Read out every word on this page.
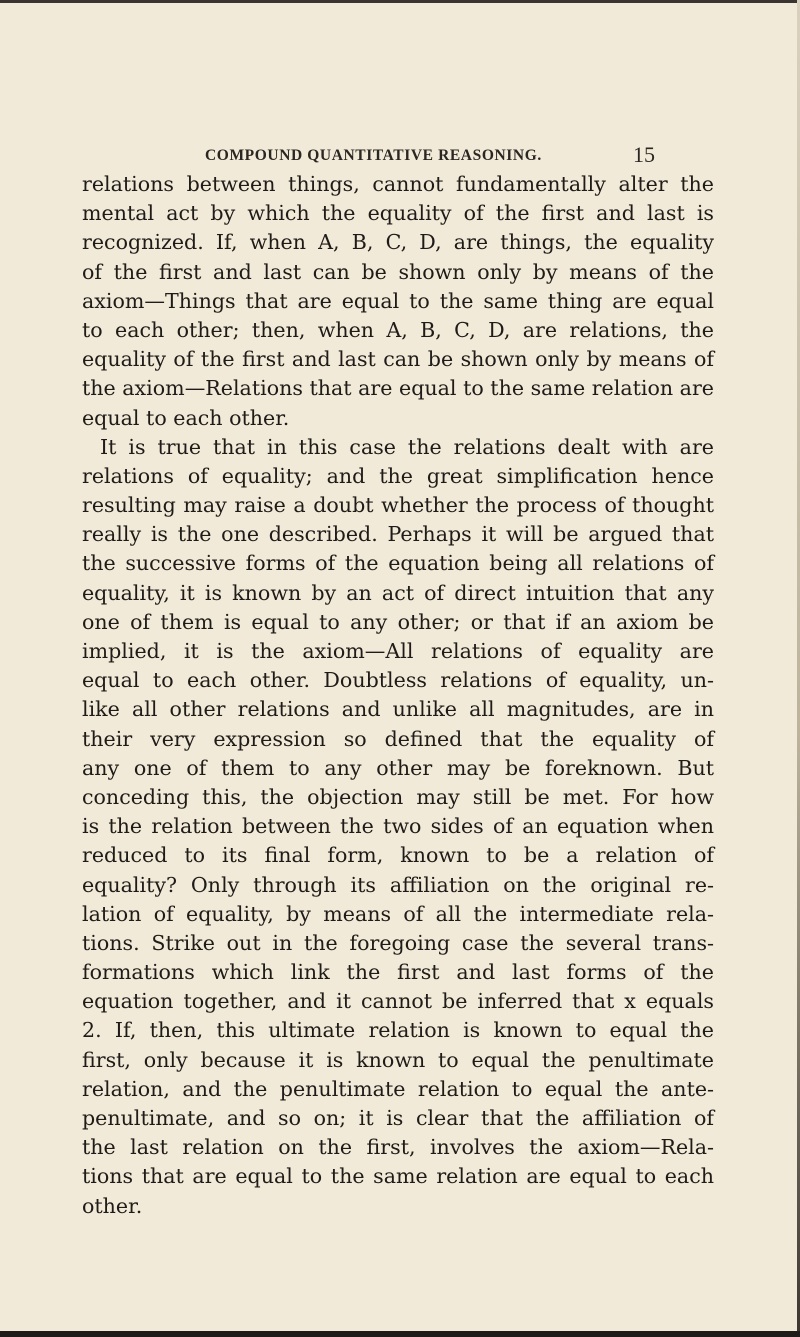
COMPOUND QUANTITATIVE REASONING.	15
relations between things, cannot fundamentally alter the
mental act by which the equality of the first and last is
recognized. If, when A, B, C, D, are things, the equality
of the first and last can be shown only by means of the
axiom—Things that are equal to the same thing are equal
to each other; then, when A, B, C, D, are relations, the
equality of the first and last can be shown only by means of
the axiom—Relations that are equal to the same relation are
equal to each other.
It is true that in this case the relations dealt with are
relations of equality; and the great simplification hence
resulting may raise a doubt whether the process of thought
really is the one described. Perhaps it will be argued that
the successive forms of the equation being all relations of
equality, it is known by an act of direct intuition that any
one of them is equal to any other; or that if an axiom be
implied, it is the axiom—All relations of equality are
equal to each other. Doubtless relations of equality, un-
like all other relations and unlike all magnitudes, are in
their very expression so defined that the equality of
any one of them to any other may be foreknown. But
conceding this, the objection may still be met. For how
is the relation between the two sides of an equation when
reduced to its final form, known to be a relation of
equality? Only through its affiliation on the original re-
lation of equality, by means of all the intermediate rela-
tions. Strike out in the foregoing case the several trans-
formations which link the first and last forms of the
equation together, and it cannot be inferred that x equals
2. If, then, this ultimate relation is known to equal the
first, only because it is known to equal the penultimate
relation, and the penultimate relation to equal the ante-
penultimate, and so on; it is clear that the affiliation of
the last relation on the first, involves the axiom—Rela-
tions that are equal to the same relation are equal to each
other.
